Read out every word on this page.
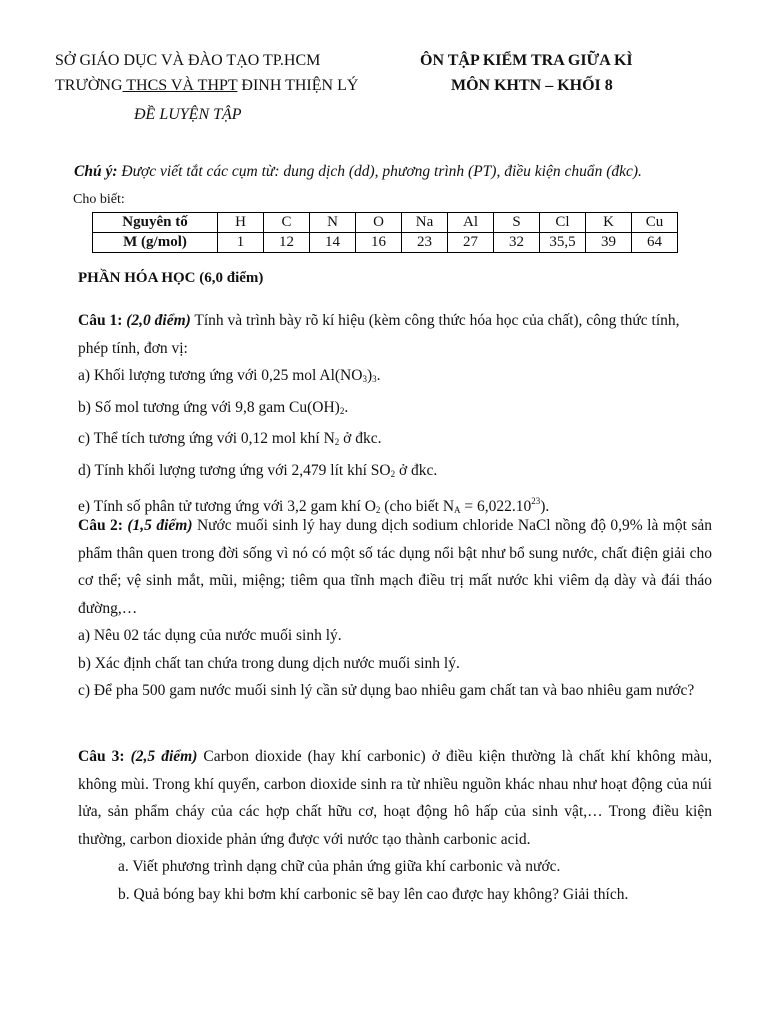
SỞ GIÁO DỤC VÀ ĐÀO TẠO TP.HCM
TRƯỜNG THCS VÀ THPT ĐINH THIỆN LÝ
ÔN TẬP KIỂM TRA GIỮA KÌ
MÔN KHTN – KHỐI 8
ĐỀ LUYỆN TẬP
Chú ý: Được viết tắt các cụm từ: dung dịch (dd), phương trình (PT), điều kiện chuẩn (đkc).
Cho biết:
Nguyên tố	H	C	N	O	Na	Al	S	Cl	K	Cu
M (g/mol)	1	12	14	16	23	27	32	35,5	39	64
PHẦN HÓA HỌC (6,0 điểm)

Câu 1: (2,0 điểm) Tính và trình bày rõ kí hiệu (kèm công thức hóa học của chất), công thức tính, phép tính, đơn vị:

a) Khối lượng tương ứng với 0,25 mol $Al(NO_3)_3$.

b) Số mol tương ứng với 9,8 gam $Cu(OH)_2$.

c) Thể tích tương ứng với 0,12 mol khí $N_2$ ở đkc.

d) Tính khối lượng tương ứng với 2,479 lít khí $SO_2$ ở đkc.

e) Tính số phân tử tương ứng với 3,2 gam khí $O_2$ (cho biết $N_A = 6,022.10^{23}$).

Câu 2: (1,5 điểm) Nước muối sinh lý hay dung dịch sodium chloride NaCl nồng độ 0,9% là một sản phẩm thân quen trong đời sống vì nó có một số tác dụng nổi bật như bổ sung nước, chất điện giải cho cơ thể; vệ sinh mắt, mũi, miệng; tiêm qua tĩnh mạch điều trị mất nước khi viêm dạ dày và đái tháo đường,…

a) Nêu 02 tác dụng của nước muối sinh lý.

b) Xác định chất tan chứa trong dung dịch nước muối sinh lý.

c) Để pha 500 gam nước muối sinh lý cần sử dụng bao nhiêu gam chất tan và bao nhiêu gam nước?

Câu 3: (2,5 điểm) Carbon dioxide (hay khí carbonic) ở điều kiện thường là chất khí không màu, không mùi. Trong khí quyển, carbon dioxide sinh ra từ nhiều nguồn khác nhau như hoạt động của núi lửa, sản phẩm cháy của các hợp chất hữu cơ, hoạt động hô hấp của sinh vật,… Trong điều kiện thường, carbon dioxide phản ứng được với nước tạo thành carbonic acid.

a. Viết phương trình dạng chữ của phản ứng giữa khí carbonic và nước.

b. Quả bóng bay khi bơm khí carbonic sẽ bay lên cao được hay không? Giải thích.
